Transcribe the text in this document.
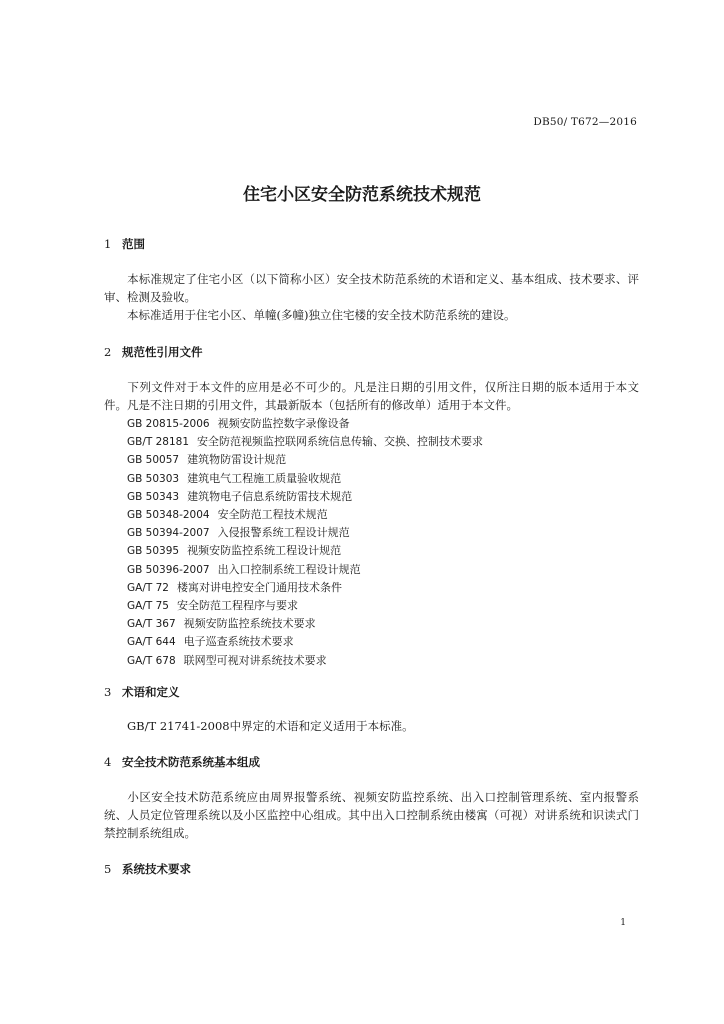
DB50/ T672—2016
住宅小区安全防范系统技术规范
1 范围
本标准规定了住宅小区（以下简称小区）安全技术防范系统的术语和定义、基本组成、技术要求、评审、检测及验收。
本标准适用于住宅小区、单幢(多幢)独立住宅楼的安全技术防范系统的建设。
2 规范性引用文件
下列文件对于本文件的应用是必不可少的。凡是注日期的引用文件，仅所注日期的版本适用于本文件。凡是不注日期的引用文件，其最新版本（包括所有的修改单）适用于本文件。
GB 20815-2006 视频安防监控数字录像设备
GB/T 28181 安全防范视频监控联网系统信息传输、交换、控制技术要求
GB 50057 建筑物防雷设计规范
GB 50303 建筑电气工程施工质量验收规范
GB 50343 建筑物电子信息系统防雷技术规范
GB 50348-2004 安全防范工程技术规范
GB 50394-2007 入侵报警系统工程设计规范
GB 50395 视频安防监控系统工程设计规范
GB 50396-2007 出入口控制系统工程设计规范
GA/T 72 楼寓对讲电控安全门通用技术条件
GA/T 75 安全防范工程程序与要求
GA/T 367 视频安防监控系统技术要求
GA/T 644 电子巡查系统技术要求
GA/T 678 联网型可视对讲系统技术要求
3 术语和定义
GB/T 21741-2008中界定的术语和定义适用于本标准。
4 安全技术防范系统基本组成
小区安全技术防范系统应由周界报警系统、视频安防监控系统、出入口控制管理系统、室内报警系统、人员定位管理系统以及小区监控中心组成。其中出入口控制系统由楼寓（可视）对讲系统和识读式门禁控制系统组成。
5 系统技术要求
1
